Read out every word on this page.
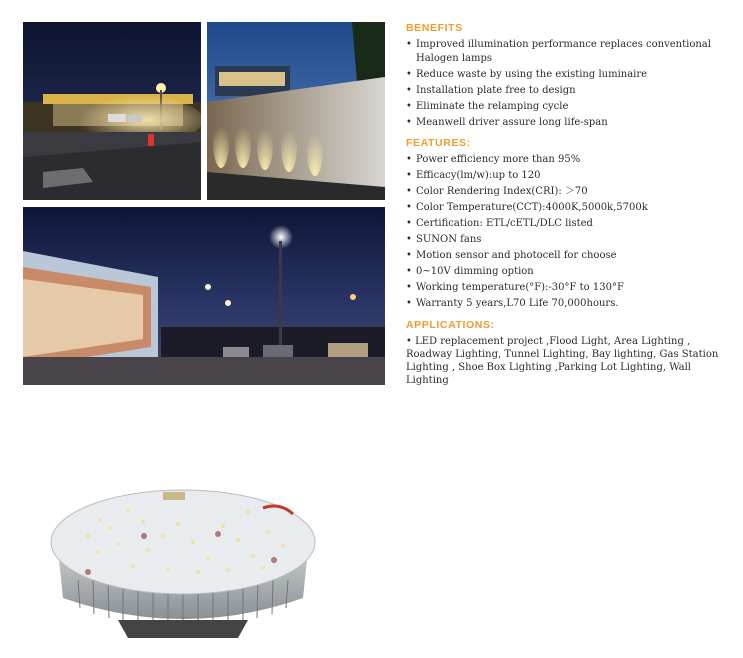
BENEFITS
• Improved illumination performance replaces conventional Halogen lamps
• Reduce waste by using the existing luminaire
• Installation plate free to design
• Eliminate the relamping cycle
• Meanwell driver assure long life-span
FEATURES:
• Power efficiency more than 95%
• Efficacy(lm/w):up to 120
• Color Rendering Index(CRI): ＞70
• Color Temperature(CCT):4000K,5000k,5700k
• Certification: ETL/cETL/DLC listed
• SUNON fans
• Motion sensor and photocell for choose
• 0~10V dimming option
• Working temperature(°F):-30°F to 130°F
• Warranty 5 years,L70 Life 70,000hours.
APPLICATIONS:

• LED replacement project ,Flood Light, Area Lighting , Roadway Lighting, Tunnel Lighting, Bay lighting, Gas Station Lighting , Shoe Box Lighting ,Parking Lot Lighting, Wall Lighting
